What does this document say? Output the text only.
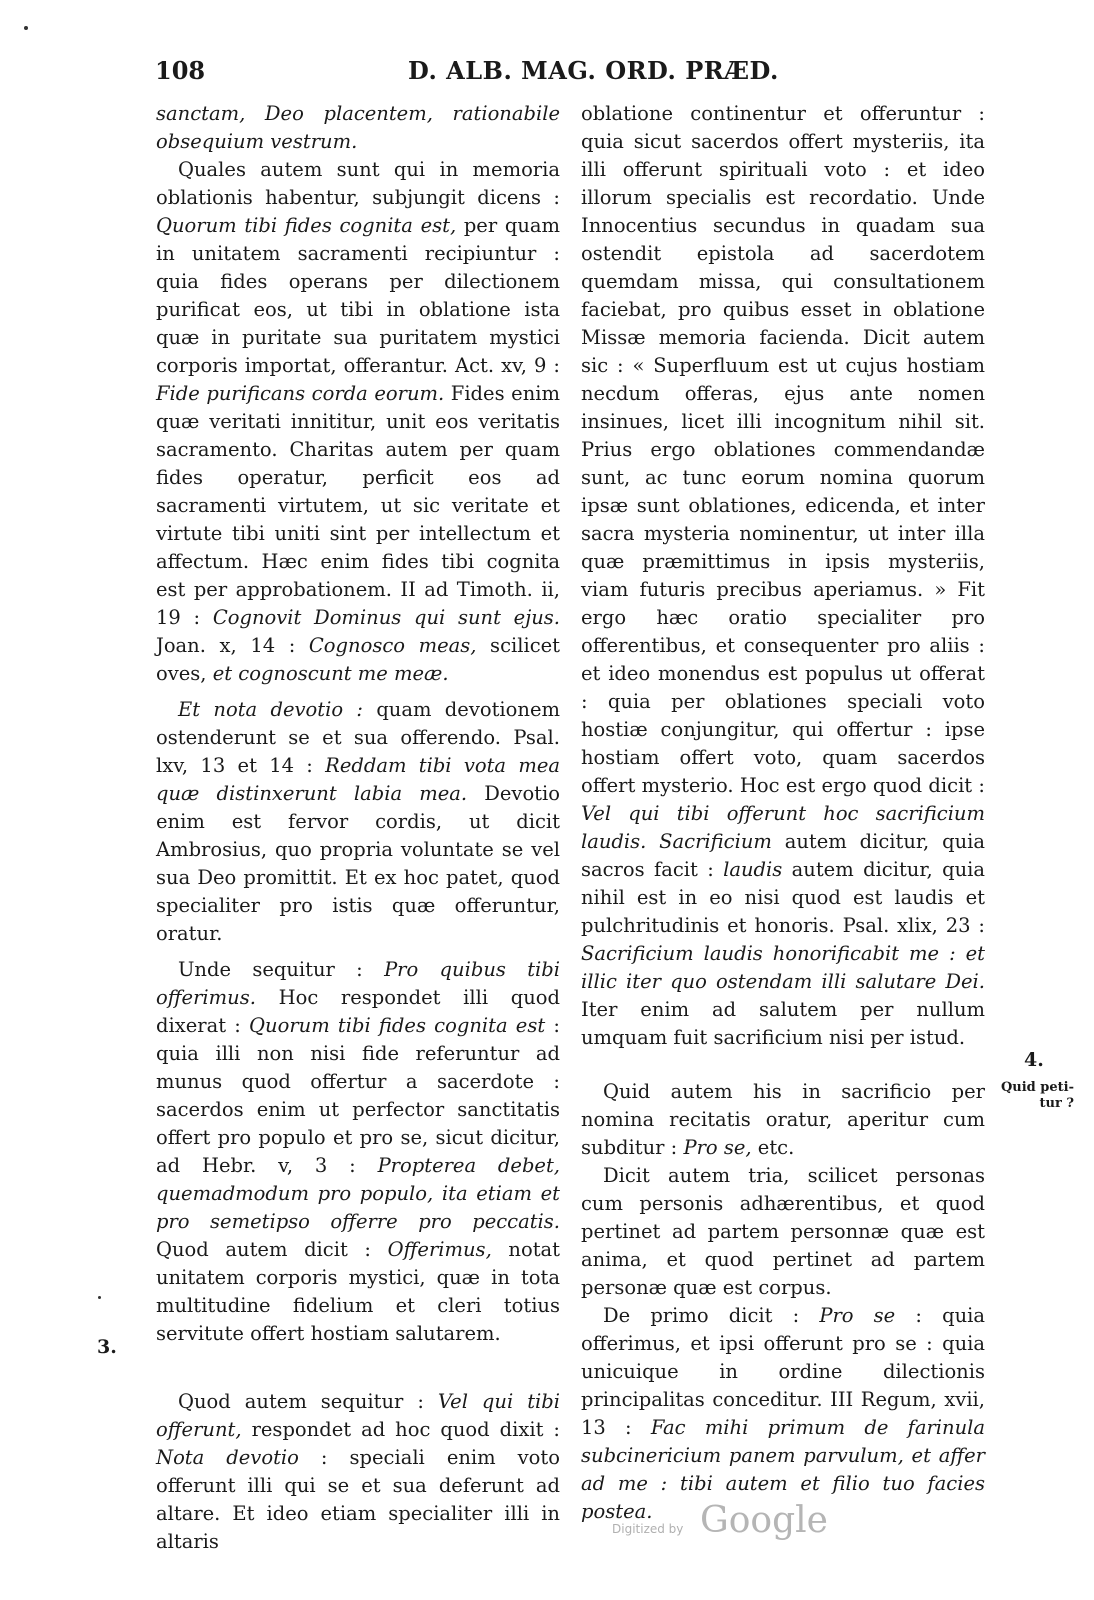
108	D. ALB. MAG. ORD. PRÆD.

sanctam, Deo placentem, rationabile obsequium vestrum.

Quales autem sunt qui in memoria oblationis habentur, subjungit dicens : Quorum tibi fides cognita est, per quam in unitatem sacramenti recipiuntur : quia fides operans per dilectionem purificat eos, ut tibi in oblatione ista quæ in puritate sua puritatem mystici corporis importat, offerantur. Act. xv, 9 : Fide purificans corda eorum. Fides enim quæ veritati innititur, unit eos veritatis sacramento. Charitas autem per quam fides operatur, perficit eos ad sacramenti virtutem, ut sic veritate et virtute tibi uniti sint per intellectum et affectum. Hæc enim fides tibi cognita est per approbationem. II ad Timoth. ii, 19 : Cognovit Dominus qui sunt ejus. Joan. x, 14 : Cognosco meas, scilicet oves, et cognoscunt me meæ.

Et nota devotio : quam devotionem ostenderunt se et sua offerendo. Psal. lxv, 13 et 14 : Reddam tibi vota mea quæ distinxerunt labia mea. Devotio enim est fervor cordis, ut dicit Ambrosius, quo propria voluntate se vel sua Deo promittit. Et ex hoc patet, quod specialiter pro istis quæ offeruntur, oratur.

Unde sequitur : Pro quibus tibi offerimus. Hoc respondet illi quod dixerat : Quorum tibi fides cognita est : quia illi non nisi fide referuntur ad munus quod offertur a sacerdote : sacerdos enim ut perfector sanctitatis offert pro populo et pro se, sicut dicitur, ad Hebr. v, 3 : Propterea debet, quemadmodum pro populo, ita etiam et pro semetipso offerre pro peccatis. Quod autem dicit : Offerimus, notat unitatem corporis mystici, quæ in tota multitudine fidelium et cleri totius servitute offert hostiam salutarem.

Quod autem sequitur : Vel qui tibi offerunt, respondet ad hoc quod dixit : Nota devotio : speciali enim voto offerunt illi qui se et sua deferunt ad altare. Et ideo etiam specialiter illi in altaris

oblatione continentur et offeruntur : quia sicut sacerdos offert mysteriis, ita illi offerunt spirituali voto : et ideo illorum specialis est recordatio. Unde Innocentius secundus in quadam sua ostendit epistola ad sacerdotem quemdam missa, qui consultationem faciebat, pro quibus esset in oblatione Missæ memoria facienda. Dicit autem sic : « Superfluum est ut cujus hostiam necdum offeras, ejus ante nomen insinues, licet illi incognitum nihil sit. Prius ergo oblationes commendandæ sunt, ac tunc eorum nomina quorum ipsæ sunt oblationes, edicenda, et inter sacra mysteria nominentur, ut inter illa quæ præmittimus in ipsis mysteriis, viam futuris precibus aperiamus. » Fit ergo hæc oratio specialiter pro offerentibus, et consequenter pro aliis : et ideo monendus est populus ut offerat : quia per oblationes speciali voto hostiæ conjungitur, qui offertur : ipse hostiam offert voto, quam sacerdos offert mysterio. Hoc est ergo quod dicit : Vel qui tibi offerunt hoc sacrificium laudis. Sacrificium autem dicitur, quia sacros facit : laudis autem dicitur, quia nihil est in eo nisi quod est laudis et pulchritudinis et honoris. Psal. xlix, 23 : Sacrificium laudis honorificabit me : et illic iter quo ostendam illi salutare Dei. Iter enim ad salutem per nullum umquam fuit sacrificium nisi per istud.

Quid autem his in sacrificio per nomina recitatis oratur, aperitur cum subditur : Pro se, etc.

Dicit autem tria, scilicet personas cum personis adhærentibus, et quod pertinet ad partem personnæ quæ est anima, et quod pertinet ad partem personæ quæ est corpus.

De primo dicit : Pro se : quia offerimus, et ipsi offerunt pro se : quia unicuique in ordine dilectionis principalitas conceditur. III Regum, xvii, 13 : Fac mihi primum de farinula subcinericium panem parvulum, et affer ad me : tibi autem et filio tuo facies postea.

3.
4.
Quid peti-
tur ?
Digitized by Google
